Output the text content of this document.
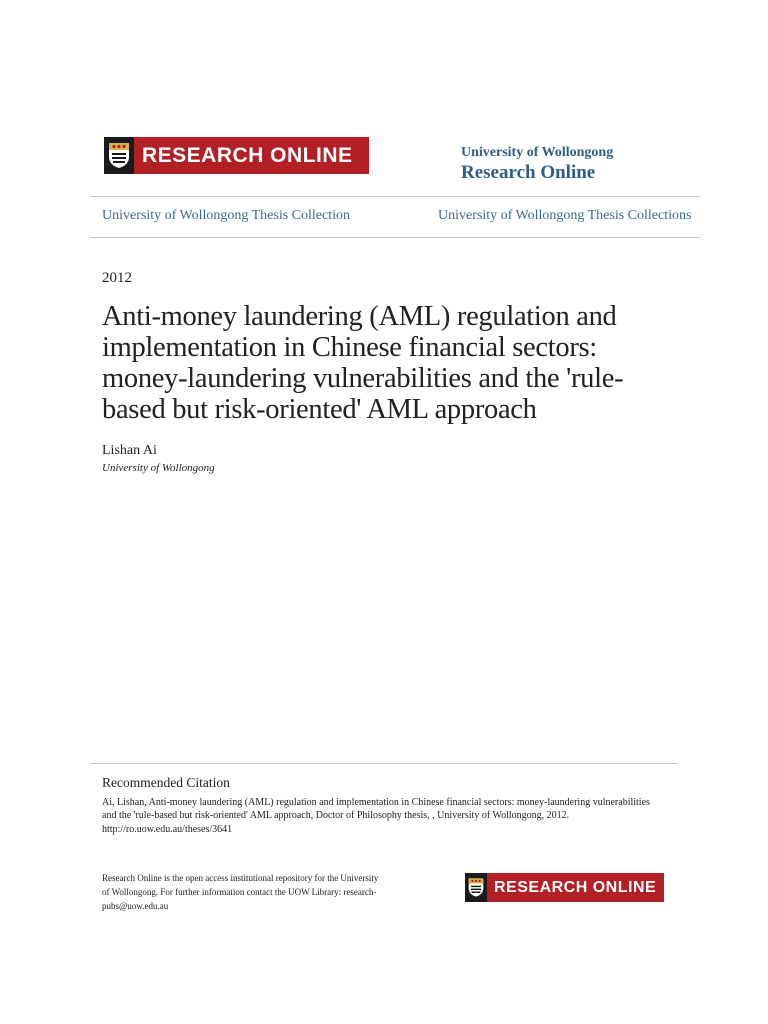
RESEARCH ONLINE	University of Wollongong
Research Online
University of Wollongong Thesis Collection	University of Wollongong Thesis Collections
2012
Anti-money laundering (AML) regulation and implementation in Chinese financial sectors: money-laundering vulnerabilities and the 'rule-based but risk-oriented' AML approach
Lishan Ai
University of Wollongong
Recommended Citation
Ai, Lishan, Anti-money laundering (AML) regulation and implementation in Chinese financial sectors: money-laundering vulnerabilities and the 'rule-based but risk-oriented' AML approach, Doctor of Philosophy thesis, , University of Wollongong, 2012.
http://ro.uow.edu.au/theses/3641
Research Online is the open access institutional repository for the University of Wollongong. For further information contact the UOW Library: research-pubs@uow.edu.au
RESEARCH ONLINE
